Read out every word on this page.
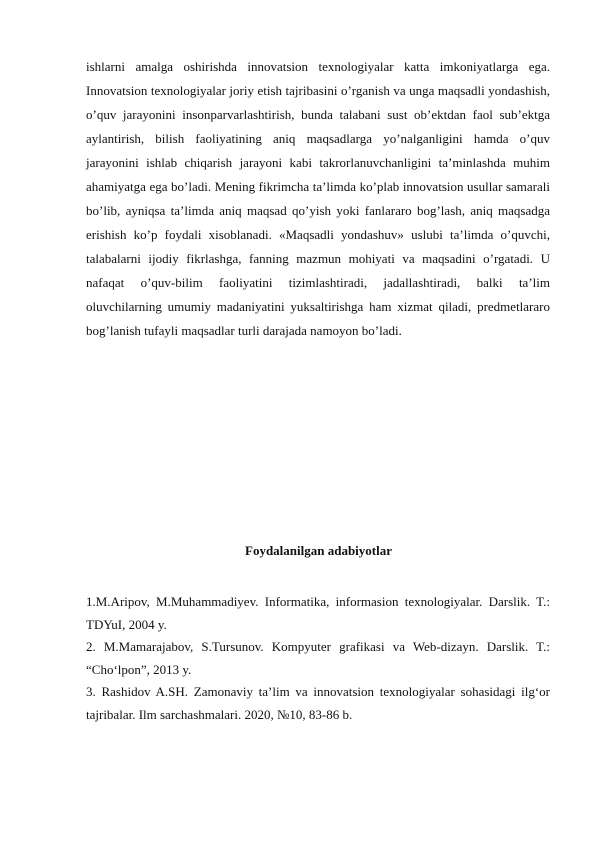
ishlarni amalga oshirishda innovatsion texnologiyalar katta imkoniyatlarga ega. Innovatsion texnologiyalar joriy etish tajribasini o’rganish va unga maqsadli yondashish, o’quv jarayonini insonparvarlashtirish, bunda talabani sust ob’ektdan faol sub’ektga aylantirish, bilish faoliyatining aniq maqsadlarga yo’nalganligini hamda o’quv jarayonini ishlab chiqarish jarayoni kabi takrorlanuvchanligini ta’minlashda muhim ahamiyatga ega bo’ladi. Mening fikrimcha ta’limda ko’plab innovatsion usullar samarali bo’lib, ayniqsa ta’limda aniq maqsad qo’yish yoki fanlararo bog’lash, aniq maqsadga erishish ko’p foydali xisoblanadi. «Maqsadli yondashuv» uslubi ta’limda o’quvchi, talabalarni ijodiy fikrlashga, fanning mazmun mohiyati va maqsadini o’rgatadi. U nafaqat o’quv-bilim faoliyatini tizimlashtiradi, jadallashtiradi, balki ta’lim oluvchilarning umumiy madaniyatini yuksaltirishga ham xizmat qiladi, predmetlararo bog’lanish tufayli maqsadlar turli darajada namoyon bo’ladi.

Foydalanilgan adabiyotlar
1.M.Aripov, M.Muhammadiyev. Informatika, informasion texnologiyalar. Darslik. T.: TDYuI, 2004 y.
2. M.Mamarajabov, S.Tursunov. Kompyuter grafikasi va Web-dizayn. Darslik. T.: “Cho‘lpon”, 2013 y.
3. Rashidov A.SH. Zamonaviy ta’lim va innovatsion texnologiyalar sohasidagi ilg‘or tajribalar. Ilm sarchashmalari. 2020, №10, 83-86 b.
